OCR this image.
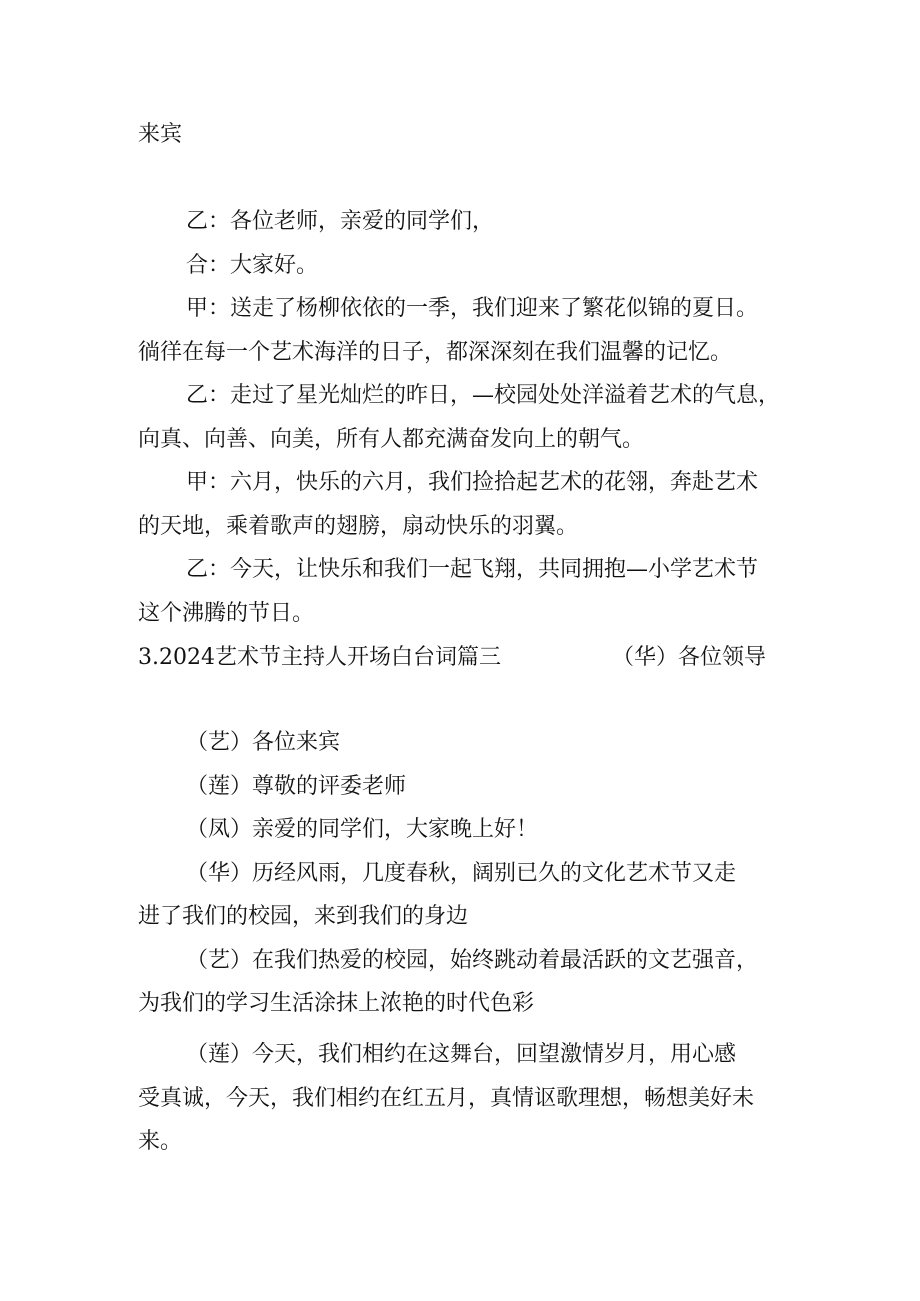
来宾
乙：各位老师，亲爱的同学们，
合：大家好。
甲：送走了杨柳依依的一季，我们迎来了繁花似锦的夏日。
徜徉在每一个艺术海洋的日子，都深深刻在我们温馨的记忆。
乙：走过了星光灿烂的昨日，—校园处处洋溢着艺术的气息，
向真、向善、向美，所有人都充满奋发向上的朝气。
甲：六月，快乐的六月，我们捡拾起艺术的花翎，奔赴艺术
的天地，乘着歌声的翅膀，扇动快乐的羽翼。
乙：今天，让快乐和我们一起飞翔，共同拥抱—小学艺术节
这个沸腾的节日。
3.2024艺术节主持人开场白台词篇三	（华）各位领导
（艺）各位来宾
（莲）尊敬的评委老师
（凤）亲爱的同学们，大家晚上好！
（华）历经风雨，几度春秋，阔别已久的文化艺术节又走
进了我们的校园，来到我们的身边
（艺）在我们热爱的校园，始终跳动着最活跃的文艺强音，
为我们的学习生活涂抹上浓艳的时代色彩
（莲）今天，我们相约在这舞台，回望激情岁月，用心感
受真诚，今天，我们相约在红五月，真情讴歌理想，畅想美好未
来。
